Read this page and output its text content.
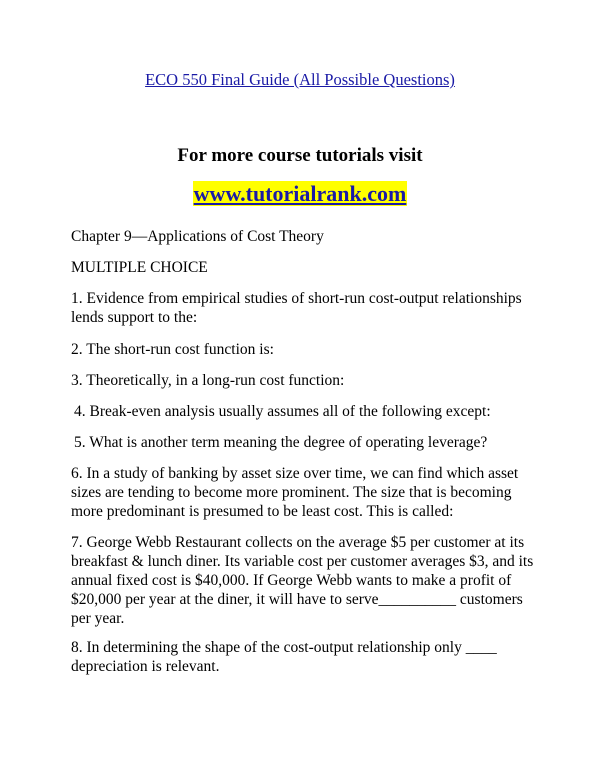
ECO 550 Final Guide (All Possible Questions)
For more course tutorials visit
www.tutorialrank.com
Chapter 9—Applications of Cost Theory
MULTIPLE CHOICE
1. Evidence from empirical studies of short-run cost-output relationships lends support to the:
2. The short-run cost function is:
3. Theoretically, in a long-run cost function:
4. Break-even analysis usually assumes all of the following except:
5. What is another term meaning the degree of operating leverage?
6. In a study of banking by asset size over time, we can find which asset sizes are tending to become more prominent. The size that is becoming more predominant is presumed to be least cost. This is called:
7. George Webb Restaurant collects on the average $5 per customer at its breakfast & lunch diner. Its variable cost per customer averages $3, and its annual fixed cost is $40,000. If George Webb wants to make a profit of $20,000 per year at the diner, it will have to serve__________ customers per year.
8. In determining the shape of the cost-output relationship only ____ depreciation is relevant.
